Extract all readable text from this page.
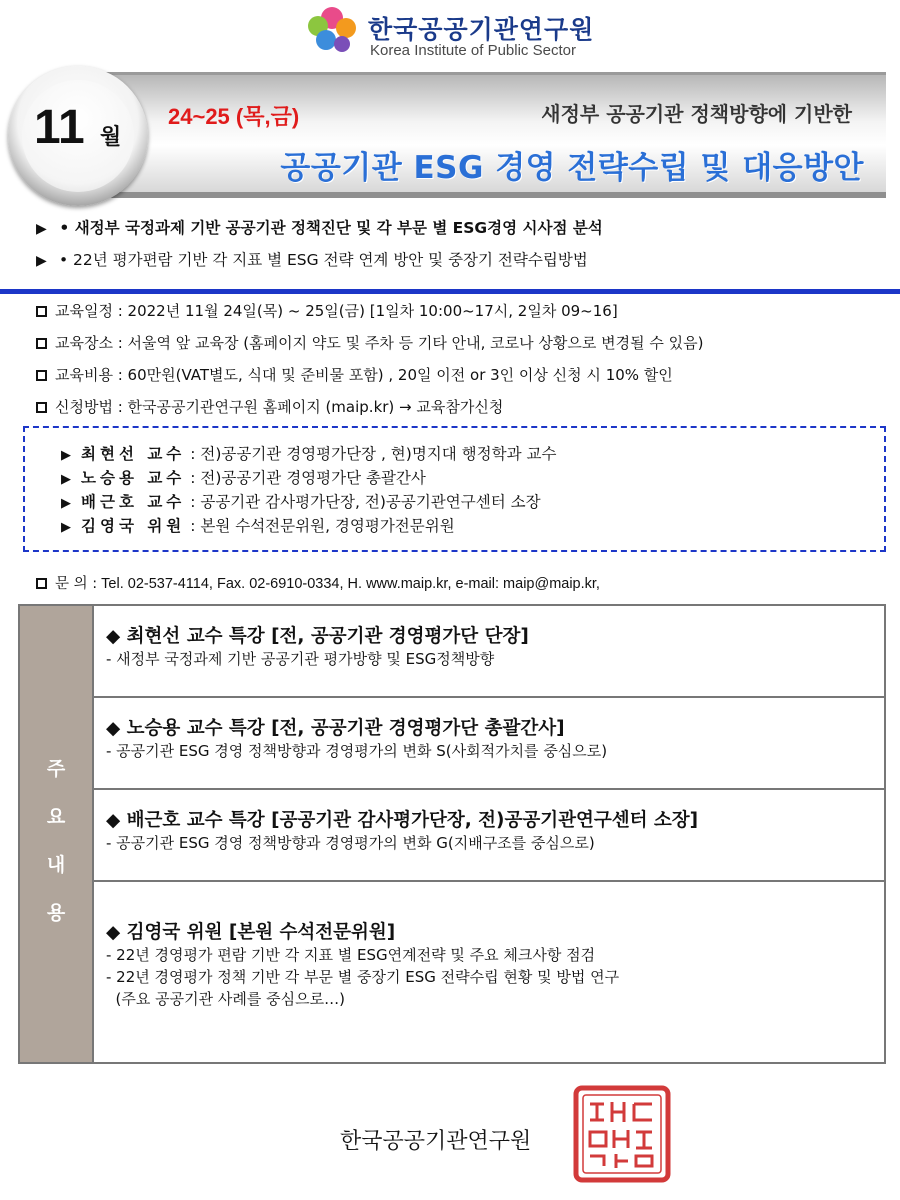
한국공공기관연구원
Korea Institute of Public Sector
24~25 (목,금)	새정부 공공기관 정책방향에 기반한
공공기관 ESG 경영 전략수립 및 대응방안
11 월
▶ • 새정부 국정과제 기반 공공기관 정책진단 및 각 부문 별 ESG경영 시사점 분석
▶ • 22년 평가편람 기반 각 지표 별 ESG 전략 연계 방안 및 중장기 전략수립방법
교육일정 : 2022년 11월 24일(목) ~ 25일(금) [1일차 10:00~17시, 2일차 09~16]
교육장소 : 서울역 앞 교육장 (홈페이지 약도 및 주차 등 기타 안내, 코로나 상황으로 변경될 수 있음)
교육비용 : 60만원(VAT별도, 식대 및 준비물 포함) , 20일 이전 or 3인 이상 신청 시 10% 할인
신청방법 : 한국공공기관연구원 홈페이지 (maip.kr) → 교육참가신청
▶ 최현선 교수 : 전)공공기관 경영평가단장 , 현)명지대 행정학과 교수
▶ 노승용 교수 : 전)공공기관 경영평가단 총괄간사
▶ 배근호 교수 : 공공기관 감사평가단장, 전)공공기관연구센터 소장
▶ 김영국 위원 : 본원 수석전문위원, 경영평가전문위원
문 의 : Tel. 02-537-4114, Fax. 02-6910-0334, H. www.maip.kr, e-mail: maip@maip.kr,
주
요
내
용
◆ 최현선 교수 특강 [전, 공공기관 경영평가단 단장]
- 새정부 국정과제 기반 공공기관 평가방향 및 ESG정책방향
◆ 노승용 교수 특강 [전, 공공기관 경영평가단 총괄간사]
- 공공기관 ESG 경영 정책방향과 경영평가의 변화 S(사회적가치를 중심으로)
◆ 배근호 교수 특강 [공공기관 감사평가단장, 전)공공기관연구센터 소장]
- 공공기관 ESG 경영 정책방향과 경영평가의 변화 G(지배구조를 중심으로)
◆ 김영국 위원 [본원 수석전문위원]
- 22년 경영평가 편람 기반 각 지표 별 ESG연계전략 및 주요 체크사항 점검
- 22년 경영평가 정책 기반 각 부문 별 중장기 ESG 전략수립 현황 및 방법 연구
(주요 공공기관 사례를 중심으로…)
한국공공기관연구원
